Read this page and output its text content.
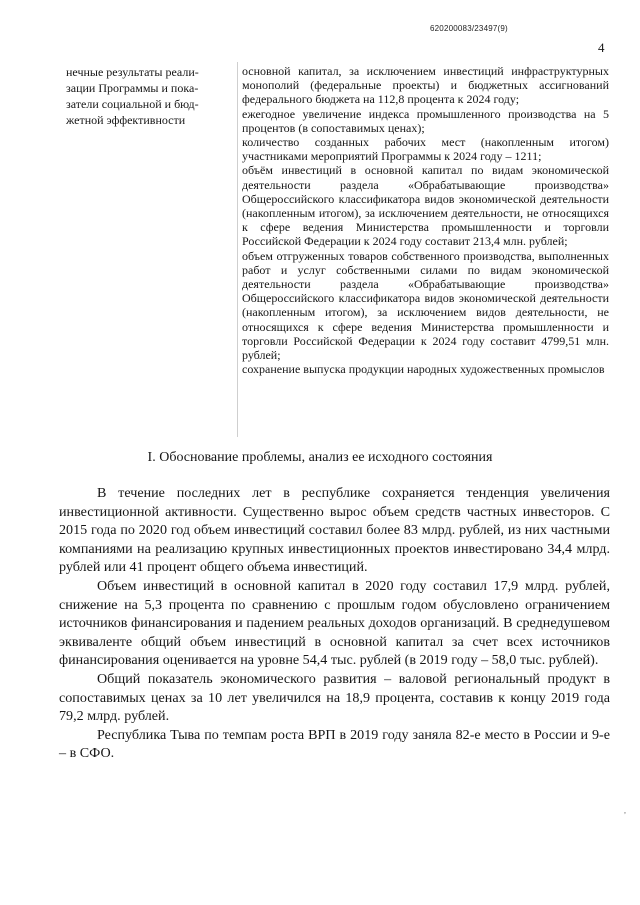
620200083/23497(9)
4

нечные результаты реали-

зации Программы и пока-

затели социальной и бюд-

жетной эффективности

основной капитал, за исключением инвестиций инфраструктурных монополий (федеральные проекты) и бюджетных ассигнований федерального бюджета на 112,8 процента к 2024 году;

ежегодное увеличение индекса промышленного производства на 5 процентов (в сопоставимых ценах);

количество созданных рабочих мест (накопленным итогом) участниками мероприятий Программы к 2024 году – 1211;

объём инвестиций в основной капитал по видам экономической деятельности раздела «Обрабатывающие производства» Общероссийского классификатора видов экономической деятельности (накопленным итогом), за исключением деятельности, не относящихся к сфере ведения Министерства промышленности и торговли Российской Федерации к 2024 году составит 213,4 млн. рублей;

объем отгруженных товаров собственного производства, выполненных работ и услуг собственными силами по видам экономической деятельности раздела «Обрабатывающие производства» Общероссийского классификатора видов экономической деятельности (накопленным итогом), за исключением видов деятельности, не относящихся к сфере ведения Министерства промышленности и торговли Российской Федерации к 2024 году составит 4799,51 млн. рублей;

сохранение выпуска продукции народных художественных промыслов

I. Обоснование проблемы, анализ ее исходного состояния

В течение последних лет в республике сохраняется тенденция увеличения инвестиционной активности. Существенно вырос объем средств частных инвесторов. С 2015 года по 2020 год объем инвестиций составил более 83 млрд. рублей, из них частными компаниями на реализацию крупных инвестиционных проектов инвестировано 34,4 млрд. рублей или 41 процент общего объема инвестиций.

Объем инвестиций в основной капитал в 2020 году составил 17,9 млрд. рублей, снижение на 5,3 процента по сравнению с прошлым годом обусловлено ограничением источников финансирования и падением реальных доходов организаций. В среднедушевом эквиваленте общий объем инвестиций в основной капитал за счет всех источников финансирования оценивается на уровне 54,4 тыс. рублей (в 2019 году – 58,0 тыс. рублей).

Общий показатель экономического развития – валовой региональный продукт в сопоставимых ценах за 10 лет увеличился на 18,9 процента, составив к концу 2019 года 79,2 млрд. рублей.

Республика Тыва по темпам роста ВРП в 2019 году заняла 82-е место в России и 9-е – в СФО.

,
